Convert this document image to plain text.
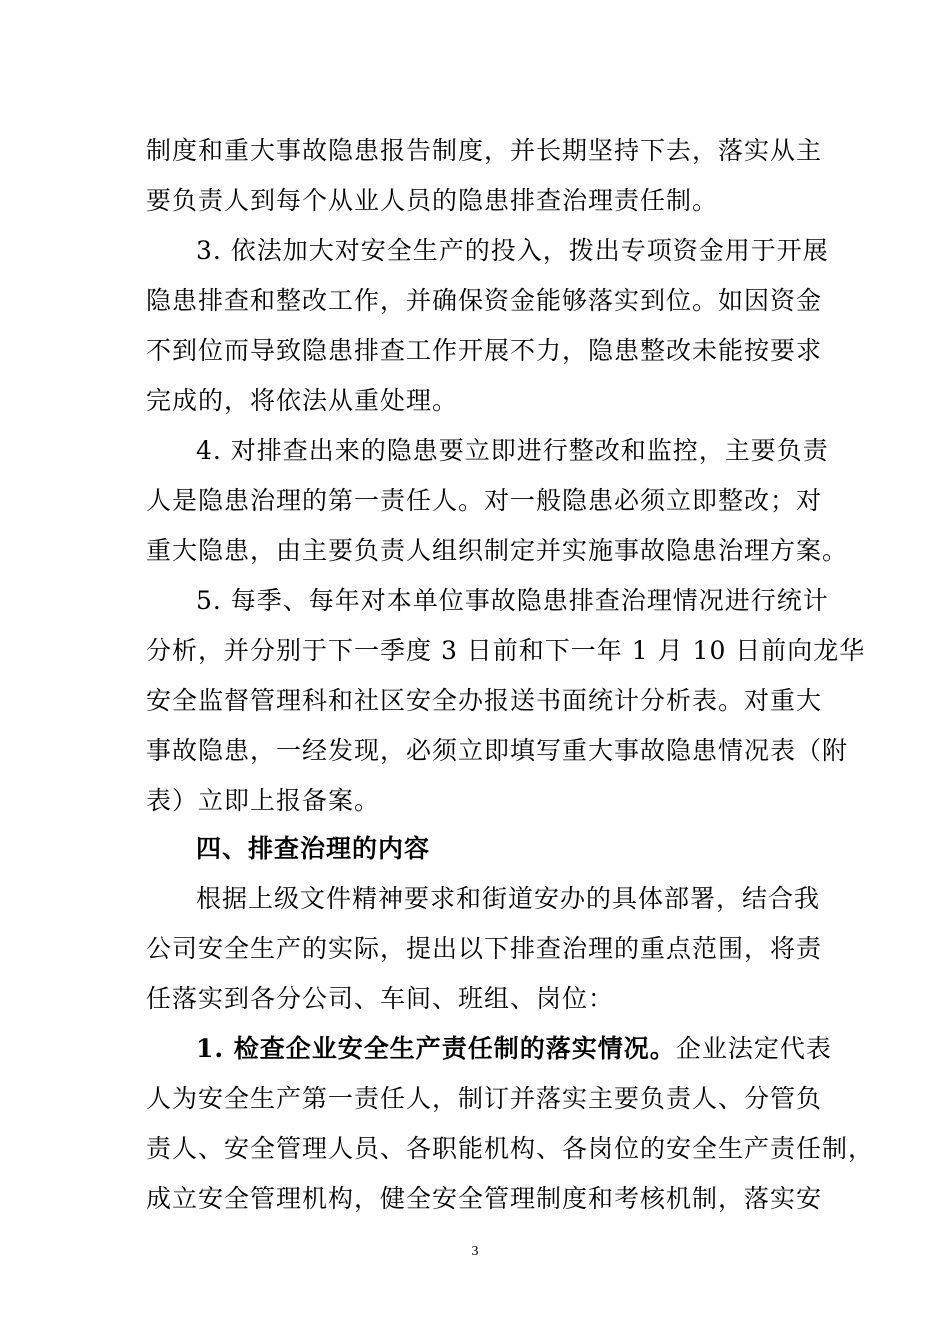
制度和重大事故隐患报告制度，并长期坚持下去，落实从主
要负责人到每个从业人员的隐患排查治理责任制。
3. 依法加大对安全生产的投入，拨出专项资金用于开展
隐患排查和整改工作，并确保资金能够落实到位。如因资金
不到位而导致隐患排查工作开展不力，隐患整改未能按要求
完成的，将依法从重处理。
4. 对排查出来的隐患要立即进行整改和监控，主要负责
人是隐患治理的第一责任人。对一般隐患必须立即整改；对
重大隐患，由主要负责人组织制定并实施事故隐患治理方案。
5. 每季、每年对本单位事故隐患排查治理情况进行统计
分析，并分别于下一季度 3 日前和下一年 1 月 10 日前向龙华
安全监督管理科和社区安全办报送书面统计分析表。对重大
事故隐患，一经发现，必须立即填写重大事故隐患情况表（附
表）立即上报备案。
四、排查治理的内容
根据上级文件精神要求和街道安办的具体部署，结合我
公司安全生产的实际，提出以下排查治理的重点范围，将责
任落实到各分公司、车间、班组、岗位：
1. 检查企业安全生产责任制的落实情况。企业法定代表
人为安全生产第一责任人，制订并落实主要负责人、分管负
责人、安全管理人员、各职能机构、各岗位的安全生产责任制，
成立安全管理机构，健全安全管理制度和考核机制，落实安
3
